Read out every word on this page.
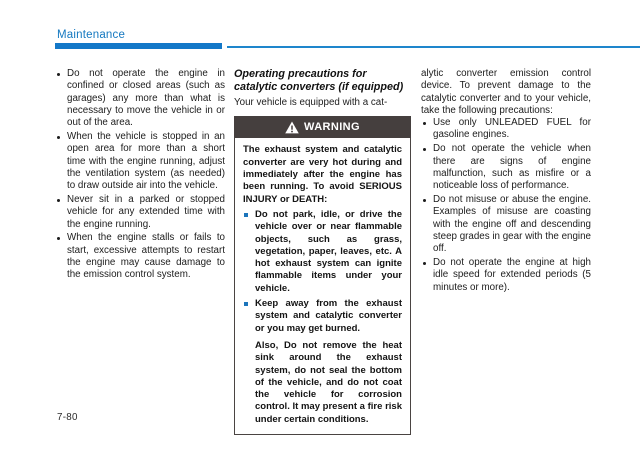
Maintenance
Do not operate the engine in confined or closed areas (such as garages) any more than what is necessary to move the vehicle in or out of the area.
When the vehicle is stopped in an open area for more than a short time with the engine running, adjust the ventilation system (as needed) to draw outside air into the vehicle.
Never sit in a parked or stopped vehicle for any extended time with the engine running.
When the engine stalls or fails to start, excessive attempts to restart the engine may cause damage to the emission control system.
Operating precautions for catalytic converters (if equipped)

Your vehicle is equipped with a cat-

WARNING

The exhaust system and catalytic converter are very hot during and immediately after the engine has been running. To avoid SERIOUS INJURY or DEATH:

Do not park, idle, or drive the vehicle over or near flammable objects, such as grass, vegetation, paper, leaves, etc. A hot exhaust system can ignite flammable items under your vehicle.
Keep away from the exhaust system and catalytic converter or you may get burned.

Also, Do not remove the heat sink around the exhaust system, do not seal the bottom of the vehicle, and do not coat the vehicle for corrosion control. It may present a fire risk under certain conditions.

alytic converter emission control device. To prevent damage to the catalytic converter and to your vehicle, take the following precautions:

Use only UNLEADED FUEL for gasoline engines.
Do not operate the vehicle when there are signs of engine malfunction, such as misfire or a noticeable loss of performance.
Do not misuse or abuse the engine. Examples of misuse are coasting with the engine off and descending steep grades in gear with the engine off.
Do not operate the engine at high idle speed for extended periods (5 minutes or more).
7-80
